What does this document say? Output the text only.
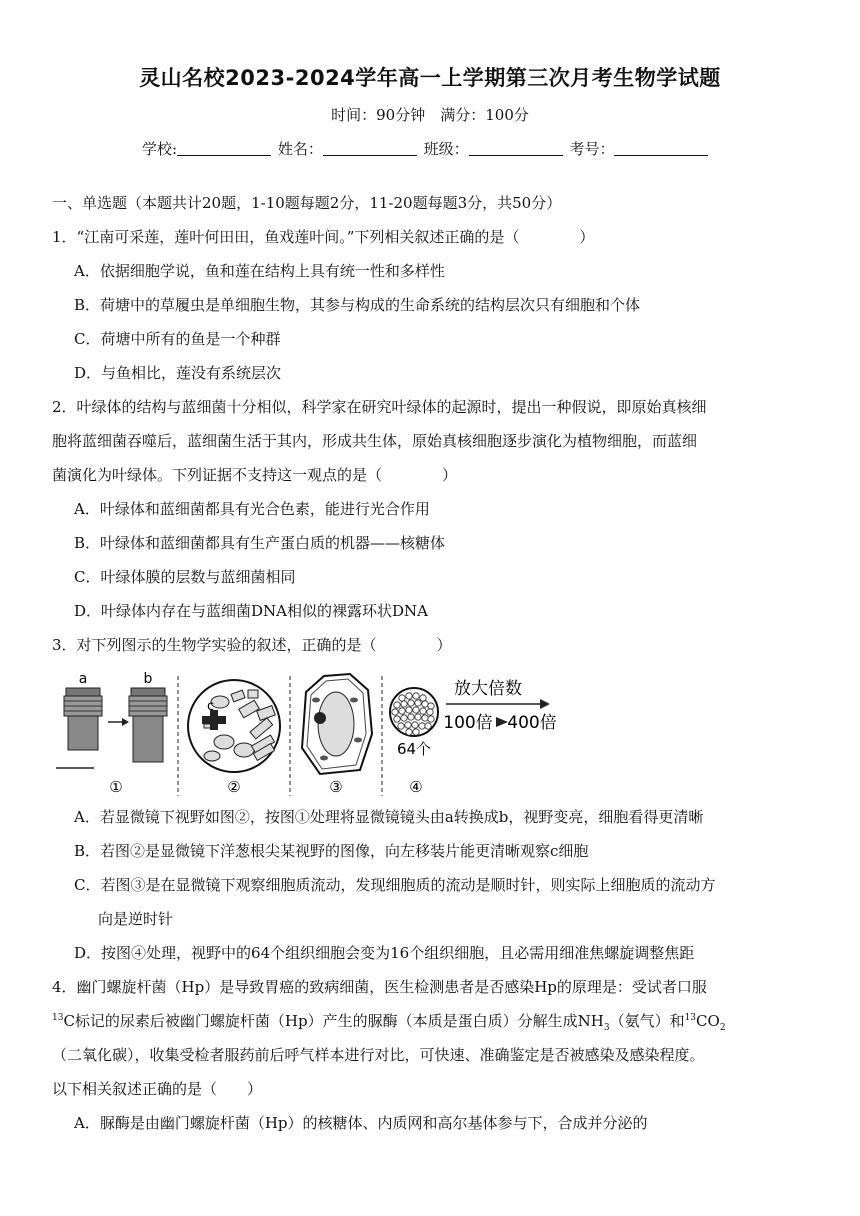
灵山名校2023-2024学年高一上学期第三次月考生物学试题
时间：90分钟　满分：100分
学校:	姓名：	班级：	考号：

一、单选题（本题共计20题，1-10题每题2分，11-20题每题3分，共50分）

1．“江南可采莲，莲叶何田田，鱼戏莲叶间。”下列相关叙述正确的是（　　　　）

A．依据细胞学说，鱼和莲在结构上具有统一性和多样性

B．荷塘中的草履虫是单细胞生物，其参与构成的生命系统的结构层次只有细胞和个体

C．荷塘中所有的鱼是一个种群

D．与鱼相比，莲没有系统层次

2．叶绿体的结构与蓝细菌十分相似，科学家在研究叶绿体的起源时，提出一种假说，即原始真核细

胞将蓝细菌吞噬后，蓝细菌生活于其内，形成共生体，原始真核细胞逐步演化为植物细胞，而蓝细

菌演化为叶绿体。下列证据不支持这一观点的是（　　　　）

A．叶绿体和蓝细菌都具有光合色素，能进行光合作用

B．叶绿体和蓝细菌都具有生产蛋白质的机器——核糖体

C．叶绿体膜的层数与蓝细菌相同

D．叶绿体内存在与蓝细菌DNA相似的裸露环状DNA

3．对下列图示的生物学实验的叙述，正确的是（　　　　）

a	b
①
c
②	③
64个
放大倍数
100倍 400倍
④

A．若显微镜下视野如图②，按图①处理将显微镜镜头由a转换成b，视野变亮，细胞看得更清晰

B．若图②是显微镜下洋葱根尖某视野的图像，向左移装片能更清晰观察c细胞

C．若图③是在显微镜下观察细胞质流动，发现细胞质的流动是顺时针，则实际上细胞质的流动方

向是逆时针

D．按图④处理，视野中的64个组织细胞会变为16个组织细胞，且必需用细准焦螺旋调整焦距

4．幽门螺旋杆菌（Hp）是导致胃癌的致病细菌，医生检测患者是否感染Hp的原理是：受试者口服

$^{13}$C标记的尿素后被幽门螺旋杆菌（Hp）产生的脲酶（本质是蛋白质）分解生成$NH_3$（氨气）和$^{13}CO_2$

（二氧化碳），收集受检者服药前后呼气样本进行对比，可快速、准确鉴定是否被感染及感染程度。

以下相关叙述正确的是（　　）

A．脲酶是由幽门螺旋杆菌（Hp）的核糖体、内质网和高尔基体参与下，合成并分泌的
